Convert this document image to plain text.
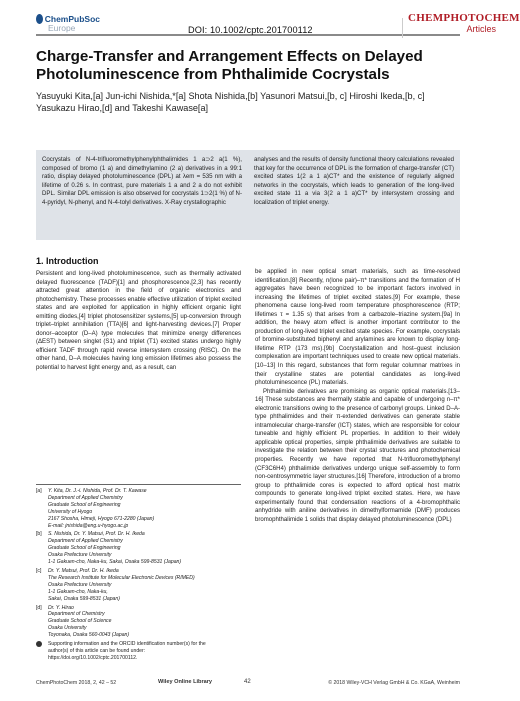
ChemPubSoc
Europe	DOI: 10.1002/cptc.201700112
CHEMPHOTOCHEM
Articles
Charge-Transfer and Arrangement Effects on Delayed Photoluminescence from Phthalimide Cocrystals
Yasuyuki Kita,[a] Jun-ichi Nishida,*[a] Shota Nishida,[b] Yasunori Matsui,[b, c] Hiroshi Ikeda,[b, c] Yasukazu Hirao,[d] and Takeshi Kawase[a]
Cocrystals of N-4-trifluoromethylphenylphthalimides 1 a⊃2 a(1 %), composed of bromo (1 a) and dimethylamino (2 a) derivatives in a 99:1 ratio, display delayed photoluminescence (DPL) at λem = 535 nm with a lifetime of 0.26 s. In contrast, pure materials 1 a and 2 a do not exhibit DPL. Similar DPL emission is also observed for cocrystals 1⊃2(1 %) of N-4-pyridyl, N-phenyl, and N-4-tolyl derivatives. X-Ray crystallographic
analyses and the results of density functional theory calculations revealed that key for the occurrence of DPL is the formation of charge-transfer (CT) excited states 1(2 a 1 a)CT* and the existence of regularly aligned networks in the cocrystals, which leads to generation of the long-lived excited state 11 a via 3(2 a 1 a)CT* by intersystem crossing and localization of triplet energy.
1. Introduction

Persistent and long-lived photoluminescence, such as thermally activated delayed fluorescence (TADF)[1] and phosphorescence,[2,3] has recently attracted great attention in the field of organic electronics and photochemistry. These processes enable effective utilization of triplet excited states and are exploited for application in highly efficient organic light emitting diodes,[4] triplet photosensitizer systems,[5] up-conversion through triplet–triplet annihilation (TTA)[6] and light-harvesting devices.[7] Proper donor–acceptor (D–A) type molecules that minimize energy differences (ΔEST) between singlet (S1) and triplet (T1) excited states undergo highly efficient TADF through rapid reverse intersystem crossing (RISC). On the other hand, D–A molecules having long emission lifetimes also possess the potential to harvest light energy and, as a result, can

be applied in new optical smart materials, such as time-resolved identification.[8] Recently, n(lone pair)–π* transitions and the formation of H aggregates have been recognized to be important factors involved in increasing the lifetimes of triplet excited states.[9] For example, these phenomena cause long-lived room temperature phosphorescence (RTP; lifetimes τ = 1.35 s) that arises from a carbazole–triazine system.[9a] In addition, the heavy atom effect is another important contributor to the production of long-lived triplet excited state species. For example, cocrystals of bromine-substituted biphenyl and arylamines are known to display long-lifetime RTP (173 ms).[9b] Cocrystallization and host–guest inclusion complexation are important techniques used to create new optical materials.[10–13] In this regard, substances that form regular columnar matrixes in their crystalline states are potential candidates as long-lived photoluminescence (PL) materials.

Phthalimide derivatives are promising as organic optical materials.[13–16] These substances are thermally stable and capable of undergoing n–π* electronic transitions owing to the presence of carbonyl groups. Linked D–A-type phthalimides and their π-extended derivatives can generate stable intramolecular charge-transfer (ICT) states, which are responsible for colour tuneable and highly efficient PL properties. In addition to their widely applicable optical properties, simple phthalimide derivatives are suitable to investigate the relation between their crystal structures and photochemical properties. Recently we have reported that N-trifluoromethylphenyl (CF3C6H4) phthalimide derivatives undergo unique self-assembly to form non-centrosymmetric layer structures.[16] Therefore, introduction of a bromo group to phthalimide cores is expected to afford optical host matrix compounds to generate long-lived triplet excited states. Here, we have experimentally found that condensation reactions of a 4-bromophthalic anhydride with aniline derivatives in dimethylformamide (DMF) produces bromophthalimide 1 solids that display delayed photoluminescence (DPL)

[a]	Y. Kita, Dr. J.-i. Nishida, Prof. Dr. T. Kawase
Department of Applied Chemistry
Graduate School of Engineering
University of Hyogo
2167 Shosha, Himeji, Hyogo 671-2280 (Japan)
E-mail: jnishida@eng.u-hyogo.ac.jp
[b]	S. Nishida, Dr. Y. Matsui, Prof. Dr. H. Ikeda
Department of Applied Chemistry
Graduate School of Engineering
Osaka Prefecture University
1-1 Gakuen-cho, Naka-ku, Sakai, Osaka 599-8531 (Japan)
[c]	Dr. Y. Matsui, Prof. Dr. H. Ikeda
The Research Institute for Molecular Electronic Devices (RIMED)
Osaka Prefecture University
1-1 Gakuen-cho, Naka-ku,
Sakai, Osaka 599-8531 (Japan)
[d]	Dr. Y. Hirao
Department of Chemistry
Graduate School of Science
Osaka University
Toyonaka, Osaka 560-0043 (Japan)
Supporting information and the ORCID identification number(s) for the
author(s) of this article can be found under:
https://doi.org/10.1002/cptc.201700112.
ChemPhotoChem 2018, 2, 42 – 52	Wiley Online Library	42	© 2018 Wiley-VCH Verlag GmbH & Co. KGaA, Weinheim
